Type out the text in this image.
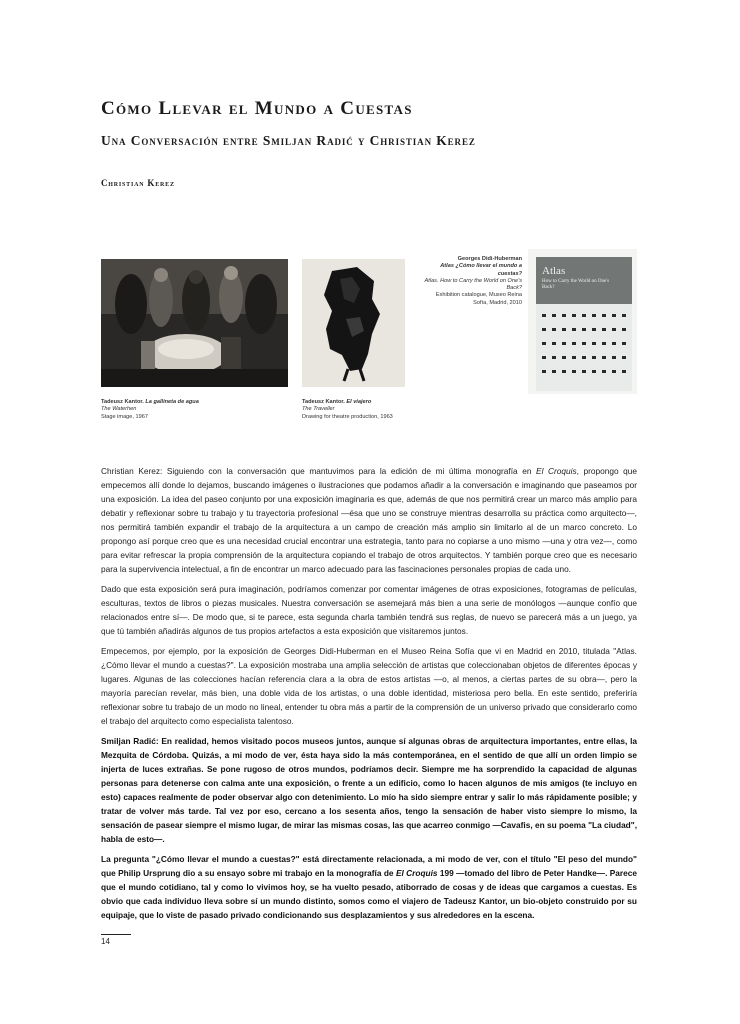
Cómo Llevar el Mundo a Cuestas
Una Conversación entre Smiljan Radić y Christian Kerez
Christian Kerez
Atlas
How to Carry the World on One's Back?
Tadeusz Kantor. La gallineta de agua
The Waterhen
Stage image, 1967
Tadeusz Kantor. El viajero
The Traveller
Drawing for theatre production, 1963
Georges Didi-Huberman
Atlas ¿Cómo llevar el mundo a cuestas?
Atlas. How to Carry the World on One's Back?
Exhibition catalogue, Museo Reina Sofía, Madrid, 2010

Christian Kerez: Siguiendo con la conversación que mantuvimos para la edición de mi última monografía en El Croquis, propongo que empecemos allí donde lo dejamos, buscando imágenes o ilustraciones que podamos añadir a la conversación e imaginando que paseamos por una exposición. La idea del paseo conjunto por una exposición imaginaria es que, además de que nos permitirá crear un marco más amplio para debatir y reflexionar sobre tu trabajo y tu trayectoria profesional —ésa que uno se construye mientras desarrolla su práctica como arquitecto—, nos permitirá también expandir el trabajo de la arquitectura a un campo de creación más amplio sin limitarlo al de un marco concreto. Lo propongo así porque creo que es una necesidad crucial encontrar una estrategia, tanto para no copiarse a uno mismo —una y otra vez—, como para evitar refrescar la propia comprensión de la arquitectura copiando el trabajo de otros arquitectos. Y también porque creo que es necesario para la supervivencia intelectual, a fin de encontrar un marco adecuado para las fascinaciones personales propias de cada uno.

Dado que esta exposición será pura imaginación, podríamos comenzar por comentar imágenes de otras exposiciones, fotogramas de películas, esculturas, textos de libros o piezas musicales. Nuestra conversación se asemejará más bien a una serie de monólogos —aunque confío que relacionados entre sí—. De modo que, si te parece, esta segunda charla también tendrá sus reglas, de nuevo se parecerá más a un juego, ya que tú también añadirás algunos de tus propios artefactos a esta exposición que visitaremos juntos.

Empecemos, por ejemplo, por la exposición de Georges Didi-Huberman en el Museo Reina Sofía que vi en Madrid en 2010, titulada "Atlas. ¿Cómo llevar el mundo a cuestas?". La exposición mostraba una amplia selección de artistas que coleccionaban objetos de diferentes épocas y lugares. Algunas de las colecciones hacían referencia clara a la obra de estos artistas —o, al menos, a ciertas partes de su obra—, pero la mayoría parecían revelar, más bien, una doble vida de los artistas, o una doble identidad, misteriosa pero bella. En este sentido, preferiría reflexionar sobre tu trabajo de un modo no lineal, entender tu obra más a partir de la comprensión de un universo privado que considerarlo como el trabajo del arquitecto como especialista talentoso.

Smiljan Radić: En realidad, hemos visitado pocos museos juntos, aunque sí algunas obras de arquitectura importantes, entre ellas, la Mezquita de Córdoba. Quizás, a mi modo de ver, ésta haya sido la más contemporánea, en el sentido de que allí un orden limpio se injerta de luces extrañas. Se pone rugoso de otros mundos, podríamos decir. Siempre me ha sorprendido la capacidad de algunas personas para detenerse con calma ante una exposición, o frente a un edificio, como lo hacen algunos de mis amigos (te incluyo en esto) capaces realmente de poder observar algo con detenimiento. Lo mío ha sido siempre entrar y salir lo más rápidamente posible; y tratar de volver más tarde. Tal vez por eso, cercano a los sesenta años, tengo la sensación de haber visto siempre lo mismo, la sensación de pasear siempre el mismo lugar, de mirar las mismas cosas, las que acarreo conmigo —Cavafis, en su poema "La ciudad", habla de esto—.

La pregunta "¿Cómo llevar el mundo a cuestas?" está directamente relacionada, a mi modo de ver, con el título "El peso del mundo" que Philip Ursprung dio a su ensayo sobre mi trabajo en la monografía de El Croquis 199 —tomado del libro de Peter Handke—. Parece que el mundo cotidiano, tal y como lo vivimos hoy, se ha vuelto pesado, atiborrado de cosas y de ideas que cargamos a cuestas. Es obvio que cada individuo lleva sobre sí un mundo distinto, somos como el viajero de Tadeusz Kantor, un bio-objeto construido por su equipaje, que lo viste de pasado privado condicionando sus desplazamientos y sus alrededores en la escena.

14
